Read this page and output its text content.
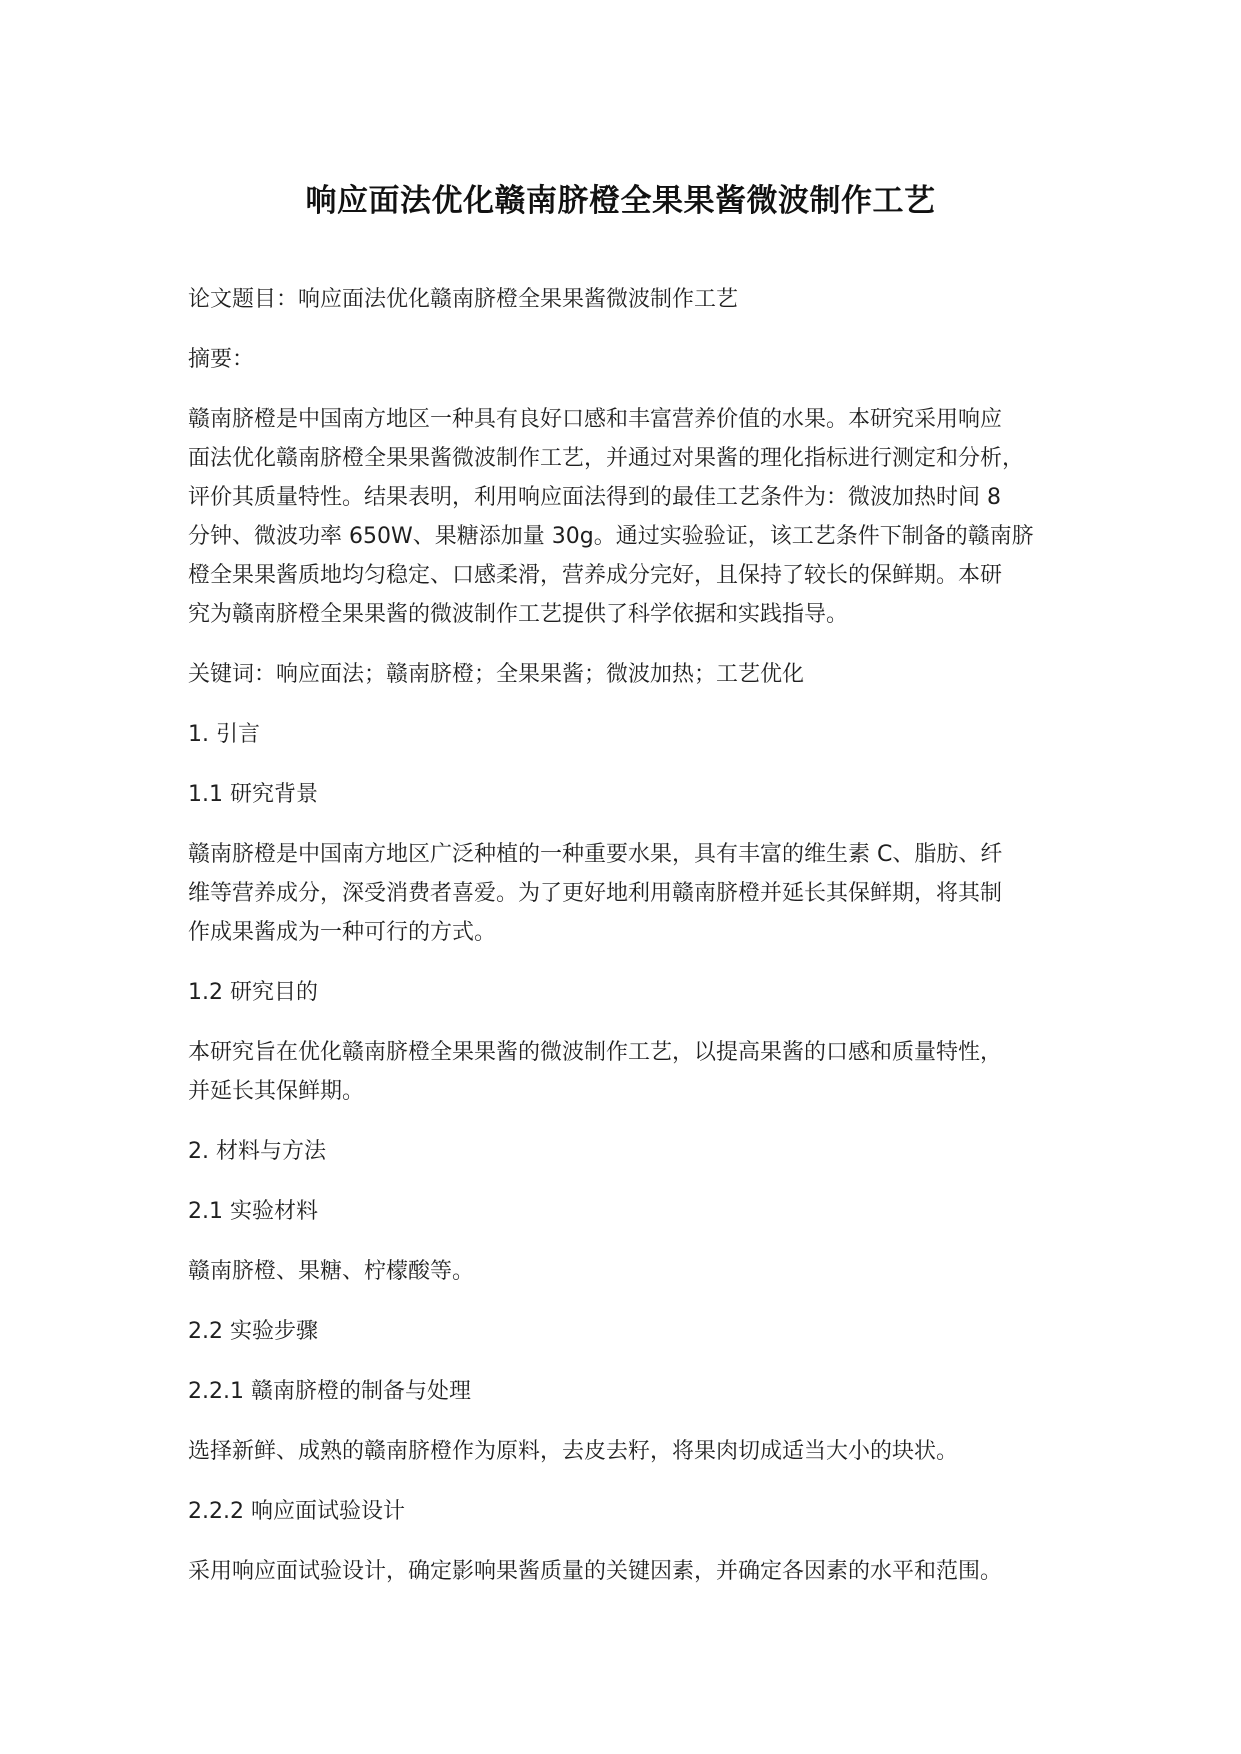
响应面法优化赣南脐橙全果果酱微波制作工艺

论文题目：响应面法优化赣南脐橙全果果酱微波制作工艺

摘要：

赣南脐橙是中国南方地区一种具有良好口感和丰富营养价值的水果。本研究采用响应
面法优化赣南脐橙全果果酱微波制作工艺，并通过对果酱的理化指标进行测定和分析，
评价其质量特性。结果表明，利用响应面法得到的最佳工艺条件为：微波加热时间 8
分钟、微波功率 650W、果糖添加量 30g。通过实验验证，该工艺条件下制备的赣南脐
橙全果果酱质地均匀稳定、口感柔滑，营养成分完好，且保持了较长的保鲜期。本研
究为赣南脐橙全果果酱的微波制作工艺提供了科学依据和实践指导。

关键词：响应面法；赣南脐橙；全果果酱；微波加热；工艺优化

1. 引言

1.1 研究背景

赣南脐橙是中国南方地区广泛种植的一种重要水果，具有丰富的维生素 C、脂肪、纤
维等营养成分，深受消费者喜爱。为了更好地利用赣南脐橙并延长其保鲜期，将其制
作成果酱成为一种可行的方式。

1.2 研究目的

本研究旨在优化赣南脐橙全果果酱的微波制作工艺，以提高果酱的口感和质量特性，
并延长其保鲜期。

2. 材料与方法

2.1 实验材料

赣南脐橙、果糖、柠檬酸等。

2.2 实验步骤

2.2.1 赣南脐橙的制备与处理

选择新鲜、成熟的赣南脐橙作为原料，去皮去籽，将果肉切成适当大小的块状。

2.2.2 响应面试验设计

采用响应面试验设计，确定影响果酱质量的关键因素，并确定各因素的水平和范围。
